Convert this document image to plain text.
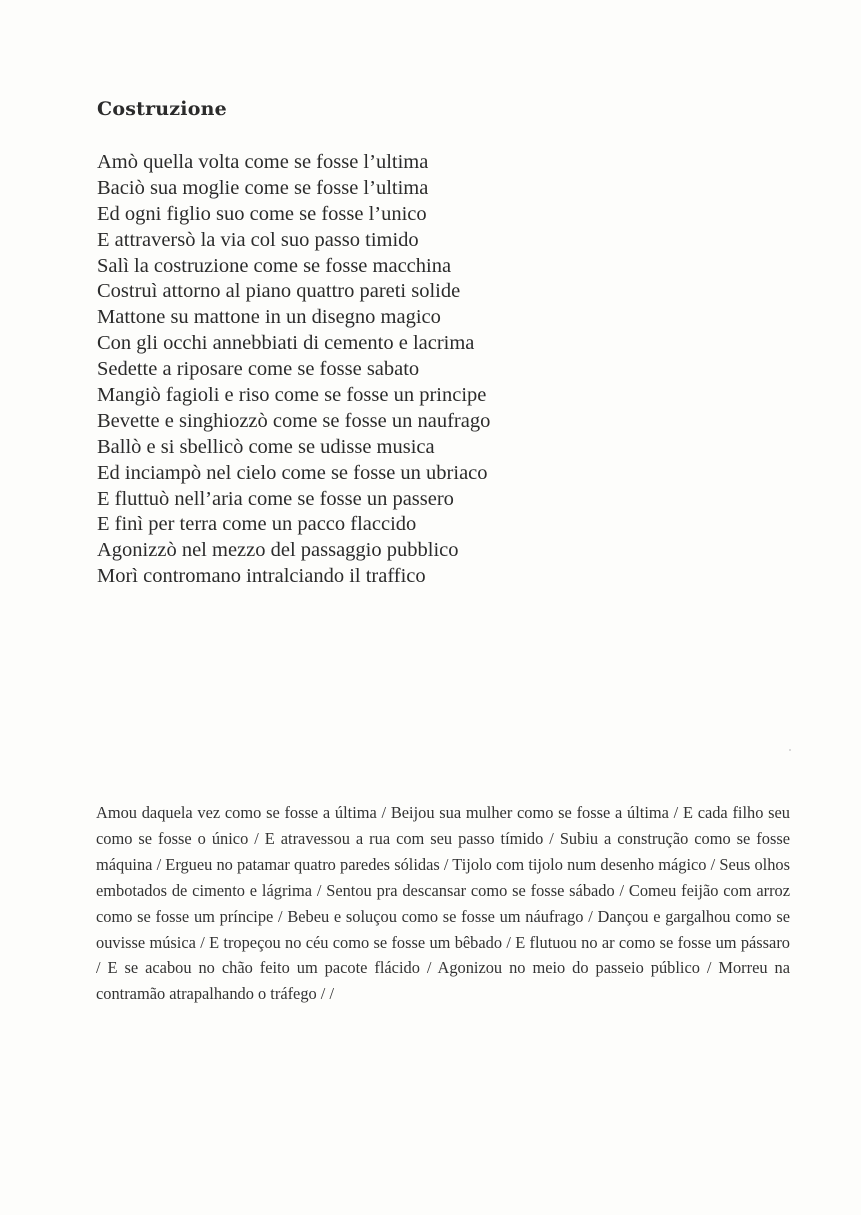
Costruzione
Amò quella volta come se fosse l’ultima
Baciò sua moglie come se fosse l’ultima
Ed ogni figlio suo come se fosse l’unico
E attraversò la via col suo passo timido
Salì la costruzione come se fosse macchina
Costruì attorno al piano quattro pareti solide
Mattone su mattone in un disegno magico
Con gli occhi annebbiati di cemento e lacrima
Sedette a riposare come se fosse sabato
Mangiò fagioli e riso come se fosse un principe
Bevette e singhiozzò come se fosse un naufrago
Ballò e si sbellicò come se udisse musica
Ed inciampò nel cielo come se fosse un ubriaco
E fluttuò nell’aria come se fosse un passero
E finì per terra come un pacco flaccido
Agonizzò nel mezzo del passaggio pubblico
Morì contromano intralciando il traffico

Amou daquela vez como se fosse a última / Beijou sua mulher como se fosse a última / E cada filho seu como se fosse o único / E atravessou a rua com seu passo tímido / Subiu a construção como se fosse máquina / Ergueu no patamar quatro paredes sólidas / Tijolo com tijolo num desenho mágico / Seus olhos embotados de cimento e lágrima / Sentou pra descansar como se fosse sábado / Comeu feijão com arroz como se fosse um príncipe / Bebeu e soluçou como se fosse um náufrago / Dançou e gargalhou como se ouvisse música / E tropeçou no céu como se fosse um bêbado / E flutuou no ar como se fosse um pássaro / E se acabou no chão feito um pacote flácido / Agonizou no meio do passeio público / Morreu na contramão atrapalhando o tráfego / /
